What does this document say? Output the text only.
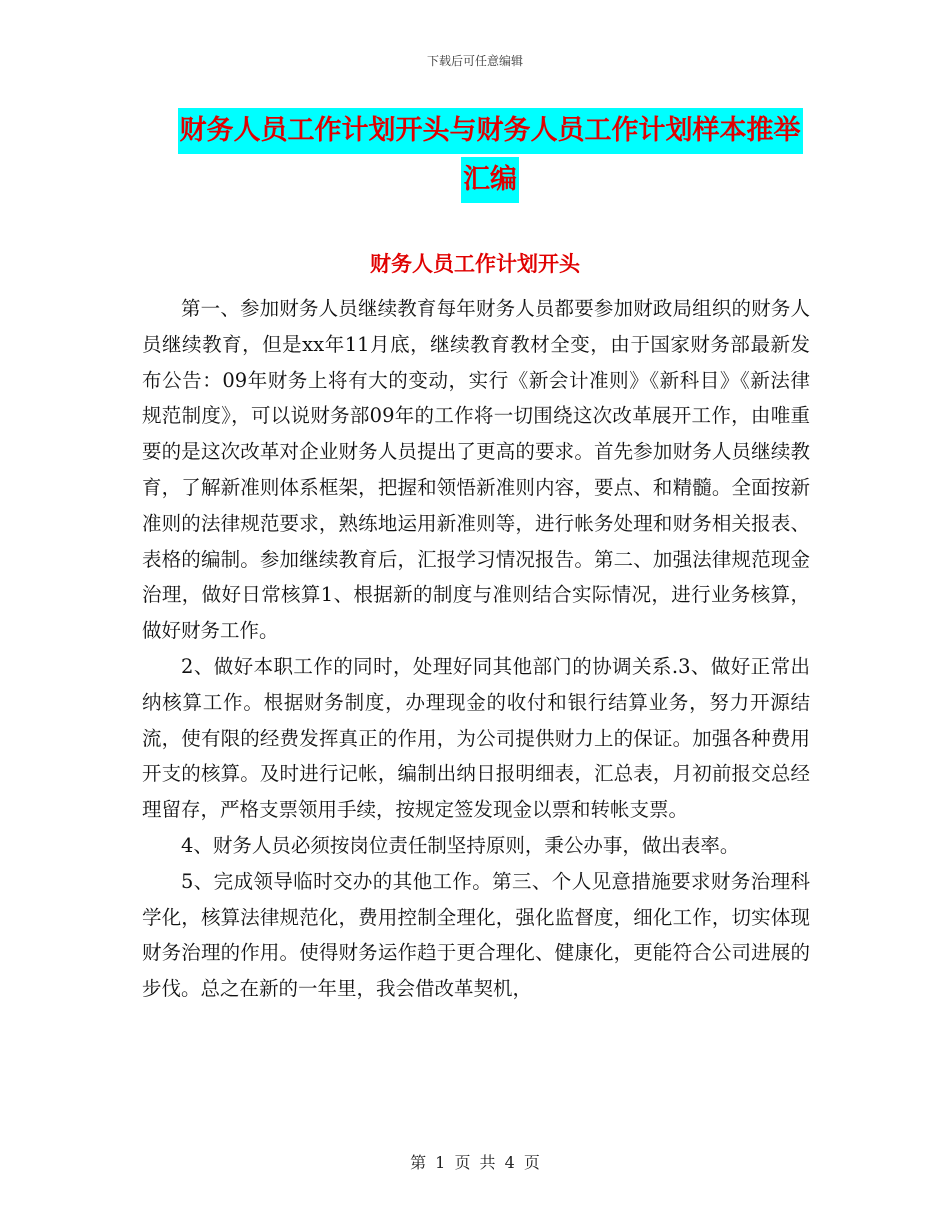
下载后可任意编辑
财务人员工作计划开头与财务人员工作计划样本推举
汇编
财务人员工作计划开头

第一、参加财务人员继续教育每年财务人员都要参加财政局组织的财务人员继续教育，但是xx年11月底，继续教育教材全变，由于国家财务部最新发布公告：09年财务上将有大的变动，实行《新会计准则》《新科目》《新法律规范制度》，可以说财务部09年的工作将一切围绕这次改革展开工作，由唯重要的是这次改革对企业财务人员提出了更高的要求。首先参加财务人员继续教育，了解新准则体系框架，把握和领悟新准则内容，要点、和精髓。全面按新准则的法律规范要求，熟练地运用新准则等，进行帐务处理和财务相关报表、表格的编制。参加继续教育后，汇报学习情况报告。第二、加强法律规范现金治理，做好日常核算1、根据新的制度与准则结合实际情况，进行业务核算，做好财务工作。

2、做好本职工作的同时，处理好同其他部门的协调关系.3、做好正常出纳核算工作。根据财务制度，办理现金的收付和银行结算业务，努力开源结流，使有限的经费发挥真正的作用，为公司提供财力上的保证。加强各种费用开支的核算。及时进行记帐，编制出纳日报明细表，汇总表，月初前报交总经理留存，严格支票领用手续，按规定签发现金以票和转帐支票。

4、财务人员必须按岗位责任制坚持原则，秉公办事，做出表率。

5、完成领导临时交办的其他工作。第三、个人见意措施要求财务治理科学化，核算法律规范化，费用控制全理化，强化监督度，细化工作，切实体现财务治理的作用。使得财务运作趋于更合理化、健康化，更能符合公司进展的步伐。总之在新的一年里，我会借改革契机，

第 1 页 共 4 页
